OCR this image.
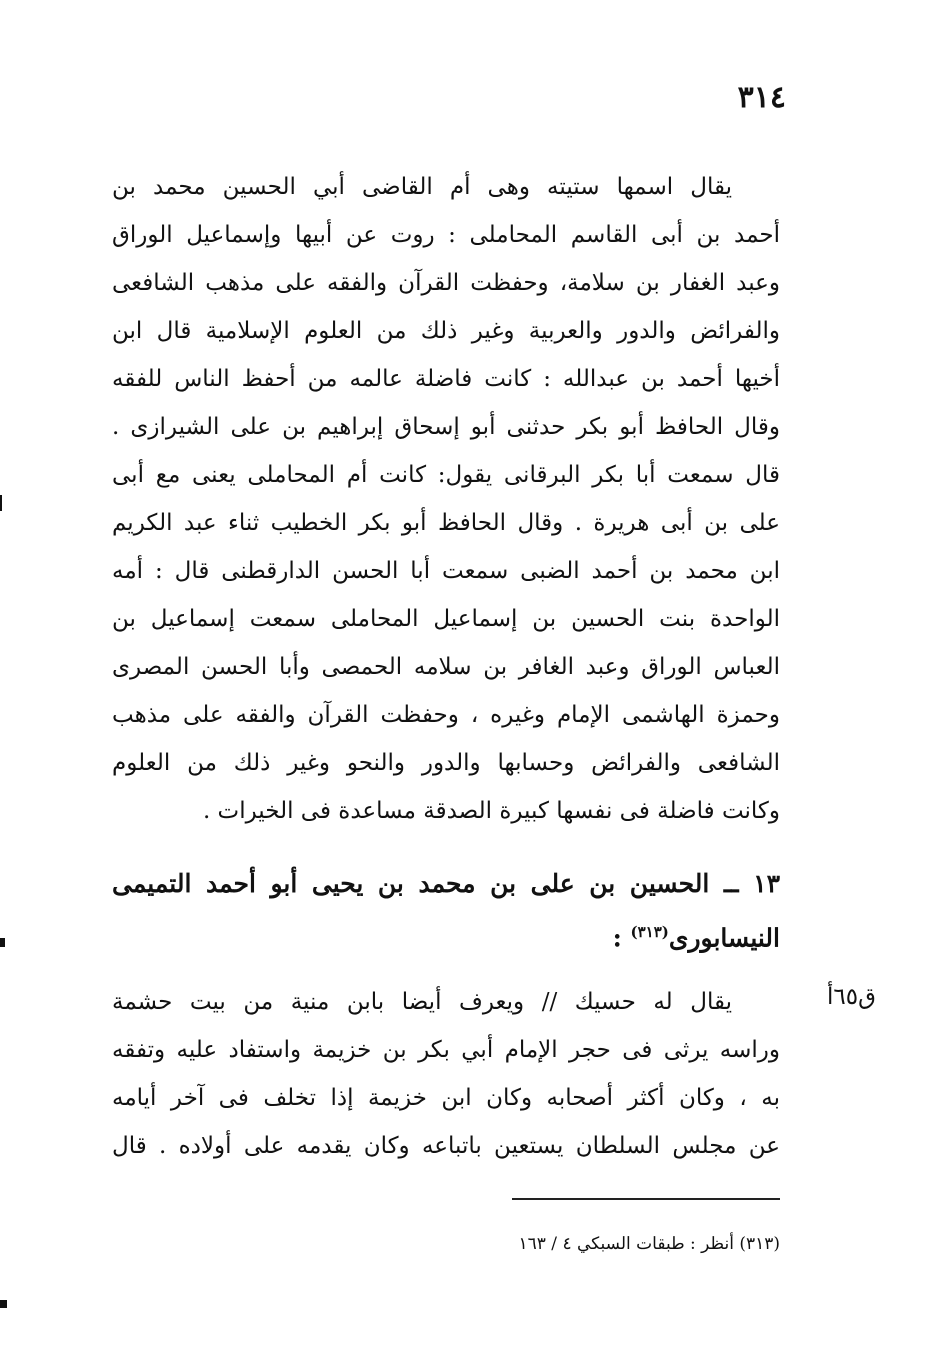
٣١٤
يقال اسمها ستيته وهى أم القاضى أبي الحسين محمد بن
أحمد بن أبى القاسم المحاملى : روت عن أبيها وإسماعيل الوراق
وعبد الغفار بن سلامة، وحفظت القرآن والفقه على مذهب الشافعى
والفرائض والدور والعربية وغير ذلك من العلوم الإسلامية قال ابن
أخيها أحمد بن عبدالله : كانت فاضلة عالمه من أحفظ الناس للفقه
وقال الحافظ أبو بكر حدثنى أبو إسحاق إبراهيم بن على الشيرازى .
قال سمعت أبا بكر البرقانى يقول: كانت أم المحاملى يعنى مع أبى
على بن أبى هريرة . وقال الحافظ أبو بكر الخطيب ثناء عبد الكريم
ابن محمد بن أحمد الضبى سمعت أبا الحسن الدارقطنى قال : أمه
الواحدة بنت الحسين بن إسماعيل المحاملى سمعت إسماعيل بن
العباس الوراق وعبد الغافر بن سلامه الحمصى وأبا الحسن المصرى
وحمزة الهاشمى الإمام وغيره ، وحفظت القرآن والفقه على مذهب
الشافعى والفرائض وحسابها والدور والنحو وغير ذلك من العلوم
وكانت فاضلة فى نفسها كبيرة الصدقة مساعدة فى الخيرات .
١٣ ــ الحسين بن على بن محمد بن يحيى أبو أحمد التميمى
النيسابورى$^{(٣١٣)}$ :
ق٦٥أ
يقال له حسيك // ويعرف أيضا بابن منية من بيت حشمة
وراسه يرثى فى حجر الإمام أبي بكر بن خزيمة واستفاد عليه وتفقه
به ، وكان أكثر أصحابه وكان ابن خزيمة إذا تخلف فى آخر أيامه
عن مجلس السلطان يستعين باتباعه وكان يقدمه على أولاده . قال
(٣١٣) أنظر : طبقات السبكي ٤ / ١٦٣
